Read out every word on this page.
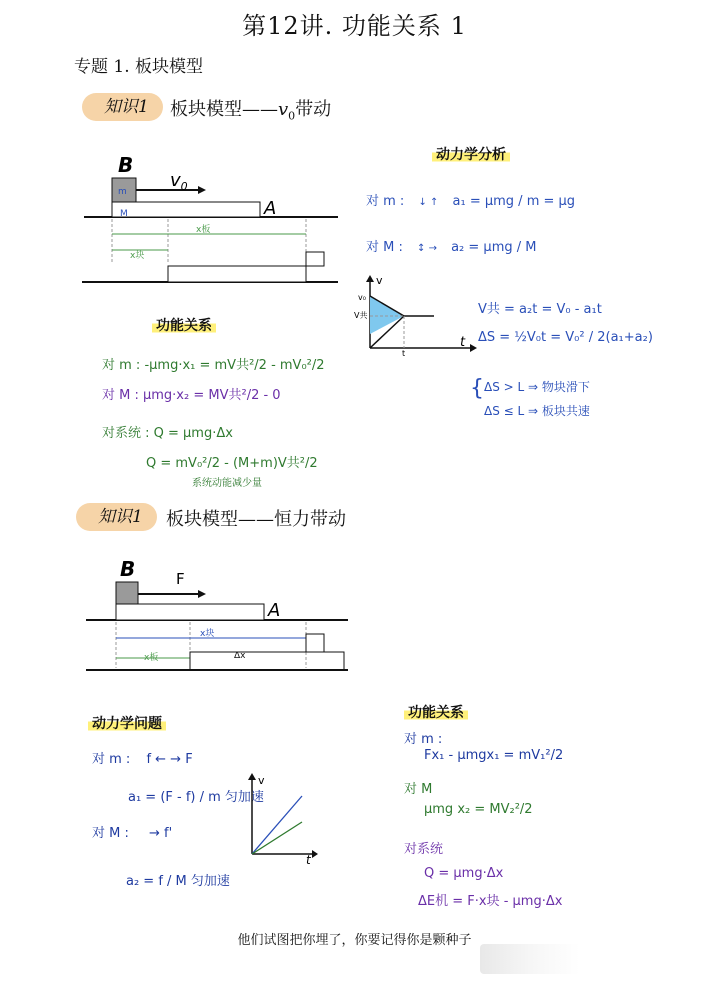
第12讲. 功能关系 1
专题 1. 板块模型
知识1	板块模型$——v_0$带动
B
$v_0$
m
M	A
x板
x块
动力学分析
对 m : ↓ ↑ a₁ = μmg / m = μg
对 M : ↕ → a₂ = μmg / M
v
t
v₀
V共
t
V共 = a₂t = V₀ - a₁t
ΔS = ½V₀t = V₀² / 2(a₁+a₂)
{ ΔS > L ⇒ 物块滑下
ΔS ≤ L ⇒ 板块共速
功能关系
对 m : -μmg·x₁ = mV共²/2 - mV₀²/2
对 M : μmg·x₂ = MV共²/2 - 0
对系统 : Q = μmg·Δx
Q = mV₀²/2 - (M+m)V共²/2
系统动能减少量
知识1	板块模型——恒力带动
B	F
A
x块
x板	Δx
动力学问题
对 m : f ← → F
a₁ = (F - f) / m 匀加速
对 M : → f'
a₂ = f / M 匀加速
v
t
功能关系
对 m :
Fx₁ - μmgx₁ = mV₁²/2
对 M
μmg x₂ = MV₂²/2
对系统
Q = μmg·Δx
ΔE机 = F·x块 - μmg·Δx
他们试图把你埋了，你要记得你是颗种子
